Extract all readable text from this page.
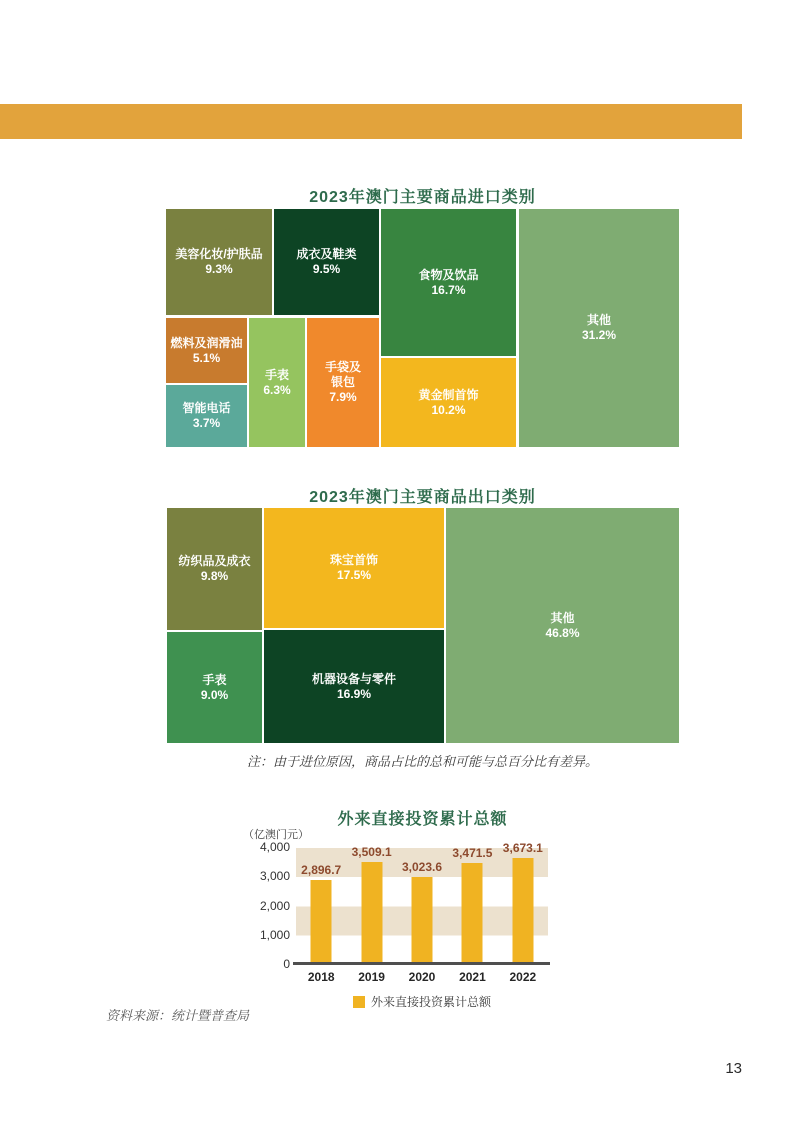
2023年澳门主要商品进口类别
美容化妆/护肤品
9.3%
成衣及鞋类
9.5%	食物及饮品
16.7%
黄金制首饰
10.2%
其他
31.2%
燃料及润滑油
5.1%
智能电话
3.7%
手表
6.3%
手袋及银包
7.9%
2023年澳门主要商品出口类别
纺织品及成衣
9.8%
珠宝首饰
17.5%
其他
46.8%
手表
9.0%
机器设备与零件
16.9%
注：由于进位原因，商品占比的总和可能与总百分比有差异。
外来直接投资累计总额
（亿澳门元）
0
1,000
2,000
3,000
4,000
2,896.7
3,509.1
3,023.6
3,471.5 3,673.1
2018	2019	2020	2021	2022
外来直接投资累计总额
资料来源：统计暨普查局
13
